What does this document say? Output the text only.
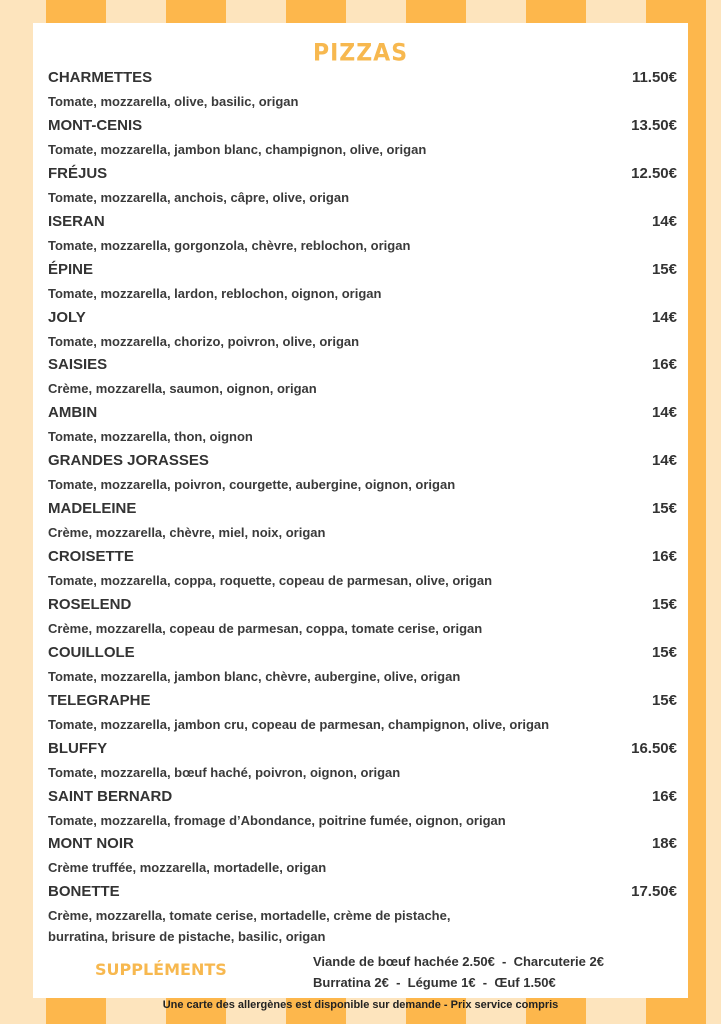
PIZZAS
CHARMETTES	11.50€
Tomate, mozzarella, olive, basilic, origan
MONT-CENIS	13.50€
Tomate, mozzarella, jambon blanc, champignon, olive, origan
FRÉJUS	12.50€
Tomate, mozzarella, anchois, câpre, olive, origan
ISERAN	14€
Tomate, mozzarella, gorgonzola, chèvre, reblochon, origan
ÉPINE	15€
Tomate, mozzarella, lardon, reblochon, oignon, origan
JOLY	14€
Tomate, mozzarella, chorizo, poivron, olive, origan
SAISIES	16€
Crème, mozzarella, saumon, oignon, origan
AMBIN	14€
Tomate, mozzarella, thon, oignon
GRANDES JORASSES	14€
Tomate, mozzarella, poivron, courgette, aubergine, oignon, origan
MADELEINE	15€
Crème, mozzarella, chèvre, miel, noix, origan
CROISETTE	16€
Tomate, mozzarella, coppa, roquette, copeau de parmesan, olive, origan
ROSELEND	15€
Crème, mozzarella, copeau de parmesan, coppa, tomate cerise, origan
COUILLOLE	15€
Tomate, mozzarella, jambon blanc, chèvre, aubergine, olive, origan
TELEGRAPHE	15€
Tomate, mozzarella, jambon cru, copeau de parmesan, champignon, olive, origan
BLUFFY	16.50€
Tomate, mozzarella, bœuf haché, poivron, oignon, origan
SAINT BERNARD	16€
Tomate, mozzarella, fromage d’Abondance, poitrine fumée, oignon, origan
MONT NOIR	18€
Crème truffée, mozzarella, mortadelle, origan
BONETTE	17.50€
Crème, mozzarella, tomate cerise, mortadelle, crème de pistache,
burratina, brisure de pistache, basilic, origan
SUPPLÉMENTS	Viande de bœuf hachée 2.50€  -  Charcuterie 2€
Burratina 2€  -  Légume 1€  -  Œuf 1.50€
Une carte des allergènes est disponible sur demande - Prix service compris
